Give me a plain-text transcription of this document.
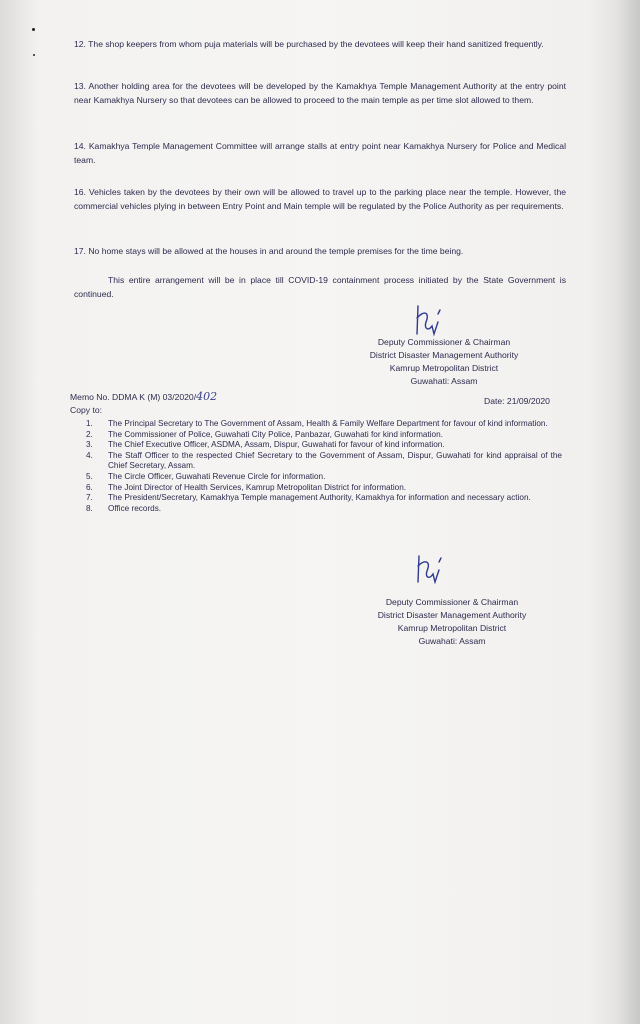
12. The shop keepers from whom puja materials will be purchased by the devotees will keep their hand sanitized frequently.
13. Another holding area for the devotees will be developed by the Kamakhya Temple Management Authority at the entry point near Kamakhya Nursery so that devotees can be allowed to proceed to the main temple as per time slot allowed to them.
14. Kamakhya Temple Management Committee will arrange stalls at entry point near Kamakhya Nursery for Police and Medical team.
16. Vehicles taken by the devotees by their own will be allowed to travel up to the parking place near the temple. However, the commercial vehicles plying in between Entry Point and Main temple will be regulated by the Police Authority as per requirements.
17. No home stays will be allowed at the houses in and around the temple premises for the time being.
This entire arrangement will be in place till COVID-19 containment process initiated by the State Government is continued.
Deputy Commissioner & Chairman
District Disaster Management Authority
Kamrup Metropolitan District
Guwahati: Assam
Memo No. DDMA K (M) 03/2020/402	Date: 21/09/2020
Copy to:
1. The Principal Secretary to The Government of Assam, Health & Family Welfare Department for favour of kind information.
2. The Commissioner of Police, Guwahati City Police, Panbazar, Guwahati for kind information.
3. The Chief Executive Officer, ASDMA, Assam, Dispur, Guwahati for favour of kind information.
4. The Staff Officer to the respected Chief Secretary to the Government of Assam, Dispur, Guwahati for kind appraisal of the Chief Secretary, Assam.
5. The Circle Officer, Guwahati Revenue Circle for information.
6. The Joint Director of Health Services, Kamrup Metropolitan District for information.
7. The President/Secretary, Kamakhya Temple management Authority, Kamakhya for information and necessary action.
8. Office records.
Deputy Commissioner & Chairman
District Disaster Management Authority
Kamrup Metropolitan District
Guwahati: Assam
